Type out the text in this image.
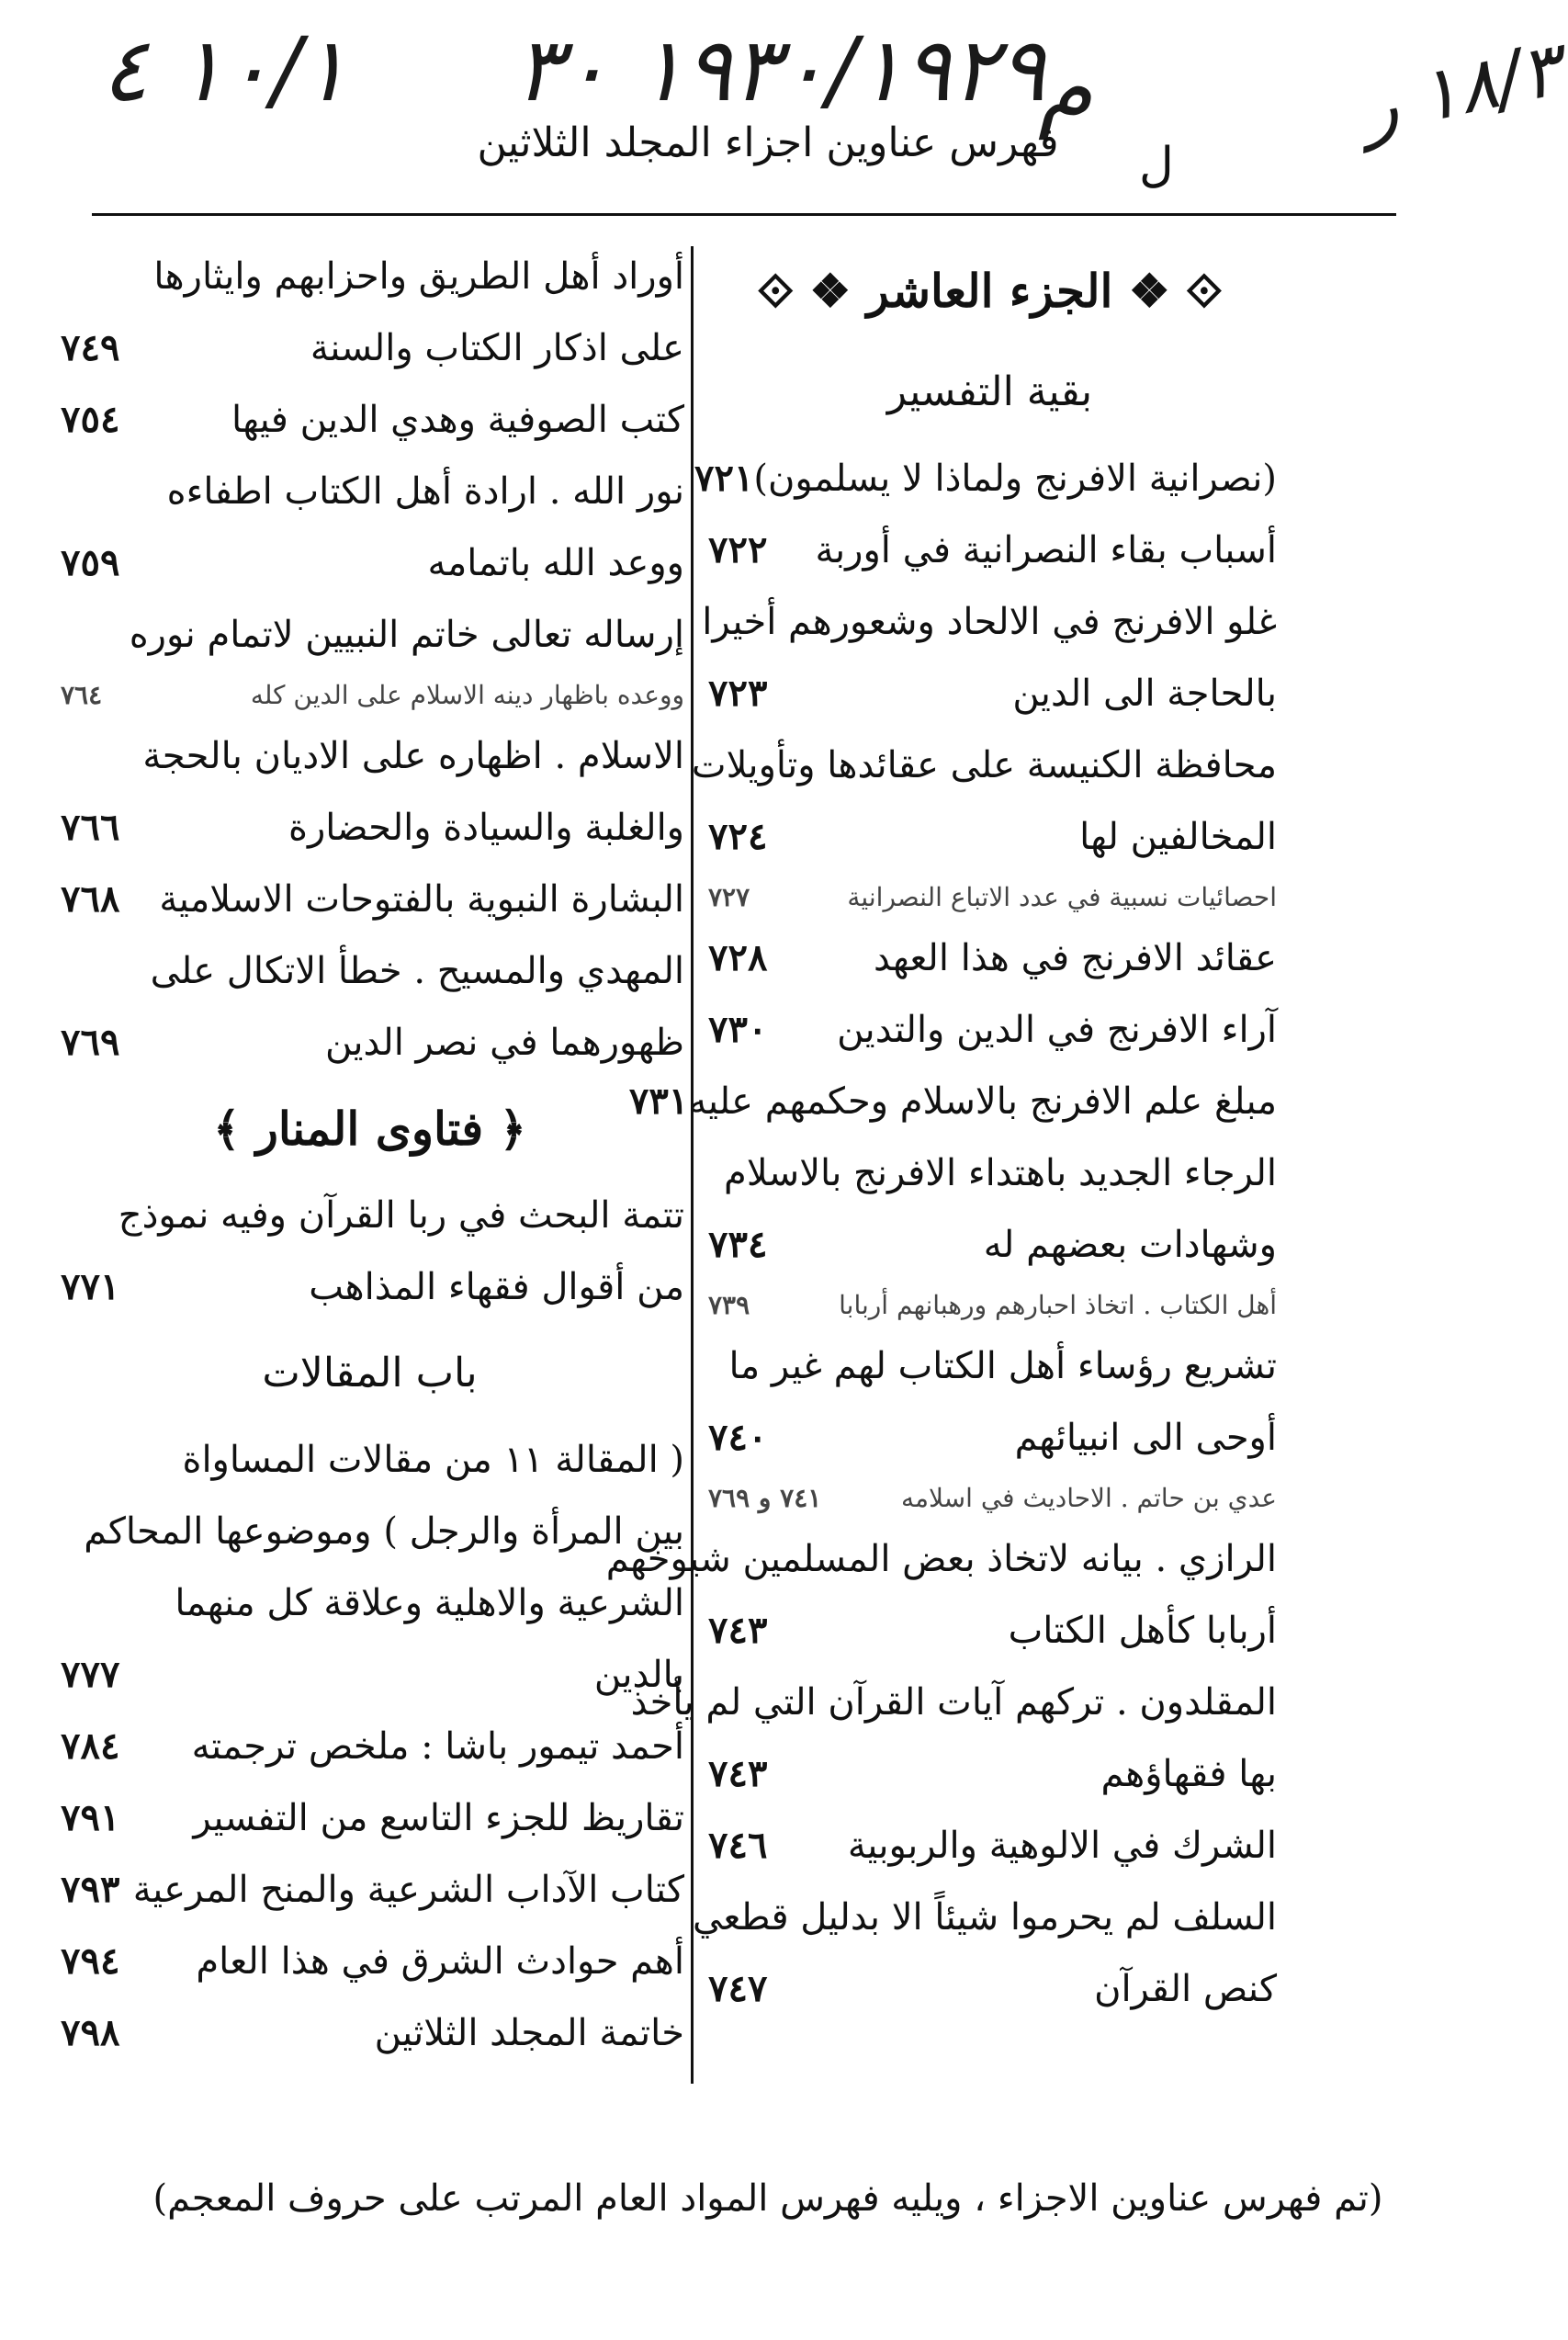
١٠/١ ٤ ١٩٣٠/١٩٢٩ ٣٠
م	١٨/٣ ر
فهرس عناوين اجزاء المجلد الثلاثين	ل
⟐ ❖ الجزء العاشر ❖ ⟐
بقية التفسير
(نصرانية الافرنج ولماذا لا يسلمون)
٧٢١
أسباب بقاء النصرانية في أوربة
٧٢٢
غلو الافرنج في الالحاد وشعورهم أخيرا
بالحاجة الى الدين
٧٢٣
محافظة الكنيسة على عقائدها وتأويلات
المخالفين لها
٧٢٤
احصائيات نسبية في عدد الاتباع النصرانية
٧٢٧
عقائد الافرنج في هذا العهد
٧٢٨
آراء الافرنج في الدين والتدين
٧٣٠
مبلغ علم الافرنج بالاسلام وحكمهم عليه
٧٣١
الرجاء الجديد باهتداء الافرنج بالاسلام
وشهادات بعضهم له
٧٣٤
أهل الكتاب . اتخاذ احبارهم ورهبانهم أربابا
٧٣٩
تشريع رؤساء أهل الكتاب لهم غير ما
أوحى الى انبيائهم
٧٤٠
عدي بن حاتم . الاحاديث في اسلامه
٧٤١ و ٧٦٩
الرازي . بيانه لاتخاذ بعض المسلمين شيوخهم
أربابا كأهل الكتاب
٧٤٣
المقلدون . تركهم آيات القرآن التي لم يأخذ
بها فقهاؤهم
٧٤٣
الشرك في الالوهية والربوبية
٧٤٦
السلف لم يحرموا شيئاً الا بدليل قطعي
كنص القرآن
٧٤٧
أوراد أهل الطريق واحزابهم وايثارها
على اذكار الكتاب والسنة
٧٤٩
كتب الصوفية وهدي الدين فيها
٧٥٤
نور الله . ارادة أهل الكتاب اطفاءه
ووعد الله باتمامه
٧٥٩
إرساله تعالى خاتم النبيين لاتمام نوره
ووعده باظهار دينه الاسلام على الدين كله
٧٦٤
الاسلام . اظهاره على الاديان بالحجة
والغلبة والسيادة والحضارة
٧٦٦
البشارة النبوية بالفتوحات الاسلامية
٧٦٨
المهدي والمسيح . خطأ الاتكال على
ظهورهما في نصر الدين
٧٦٩
﴿ فتاوى المنار ﴾
تتمة البحث في ربا القرآن وفيه نموذج
من أقوال فقهاء المذاهب
٧٧١
باب المقالات
( المقالة ١١ من مقالات المساواة
بين المرأة والرجل ) وموضوعها المحاكم
الشرعية والاهلية وعلاقة كل منهما
بالدين
٧٧٧
أحمد تيمور باشا : ملخص ترجمته
٧٨٤
تقاريظ للجزء التاسع من التفسير
٧٩١
كتاب الآداب الشرعية والمنح المرعية
٧٩٣
أهم حوادث الشرق في هذا العام
٧٩٤
خاتمة المجلد الثلاثين
٧٩٨
(تم فهرس عناوين الاجزاء ، ويليه فهرس المواد العام المرتب على حروف المعجم)
